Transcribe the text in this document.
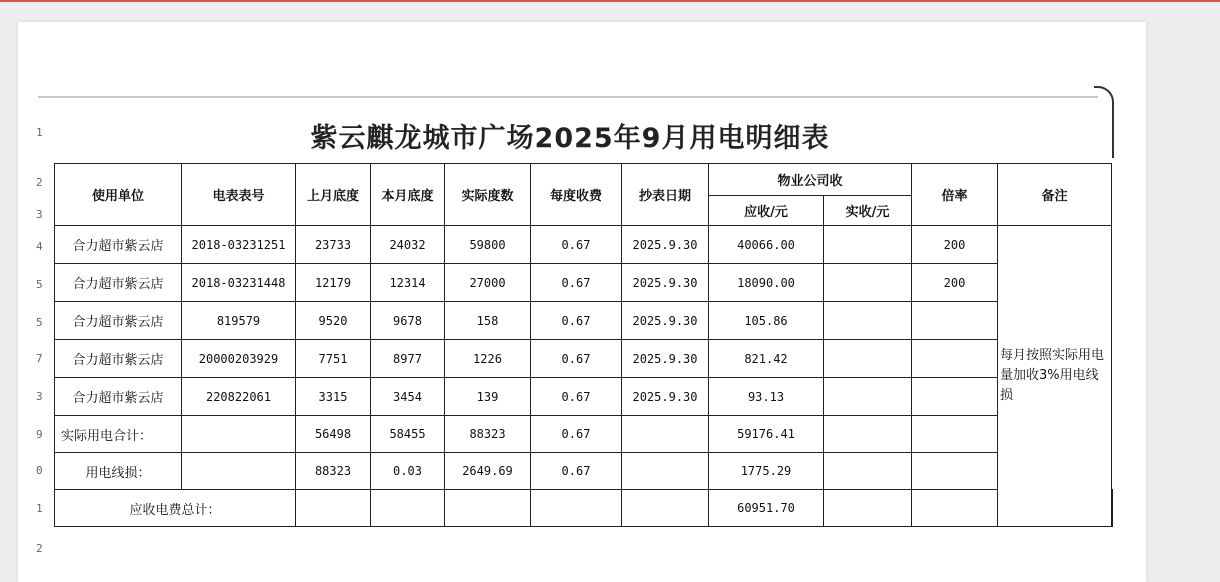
1
2
3
4
5
5
7
3
9
0
1
2
紫云麒龙城市广场2025年9月用电明细表
使用单位	电表表号	上月底度	本月底度	实际度数	每度收费	抄表日期	物业公司收		倍率	备注	
							应收/元	实收/元			
合力超市紫云店	2018-03231251	23733	24032	59800	0.67	2025.9.30	40066.00		200	每月按照实际用电量加收3%用电线损	
合力超市紫云店	2018-03231448	12179	12314	27000	0.67	2025.9.30	18090.00		200		
合力超市紫云店	819579	9520	9678	158	0.67	2025.9.30	105.86				
合力超市紫云店	20000203929	7751	8977	1226	0.67	2025.9.30	821.42				
合力超市紫云店	220822061	3315	3454	139	0.67	2025.9.30	93.13				
实际用电合计：		56498	58455	88323	0.67		59176.41				
用电线损：		88323	0.03	2649.69	0.67		1775.29				
应收电费总计：							60951.70				
